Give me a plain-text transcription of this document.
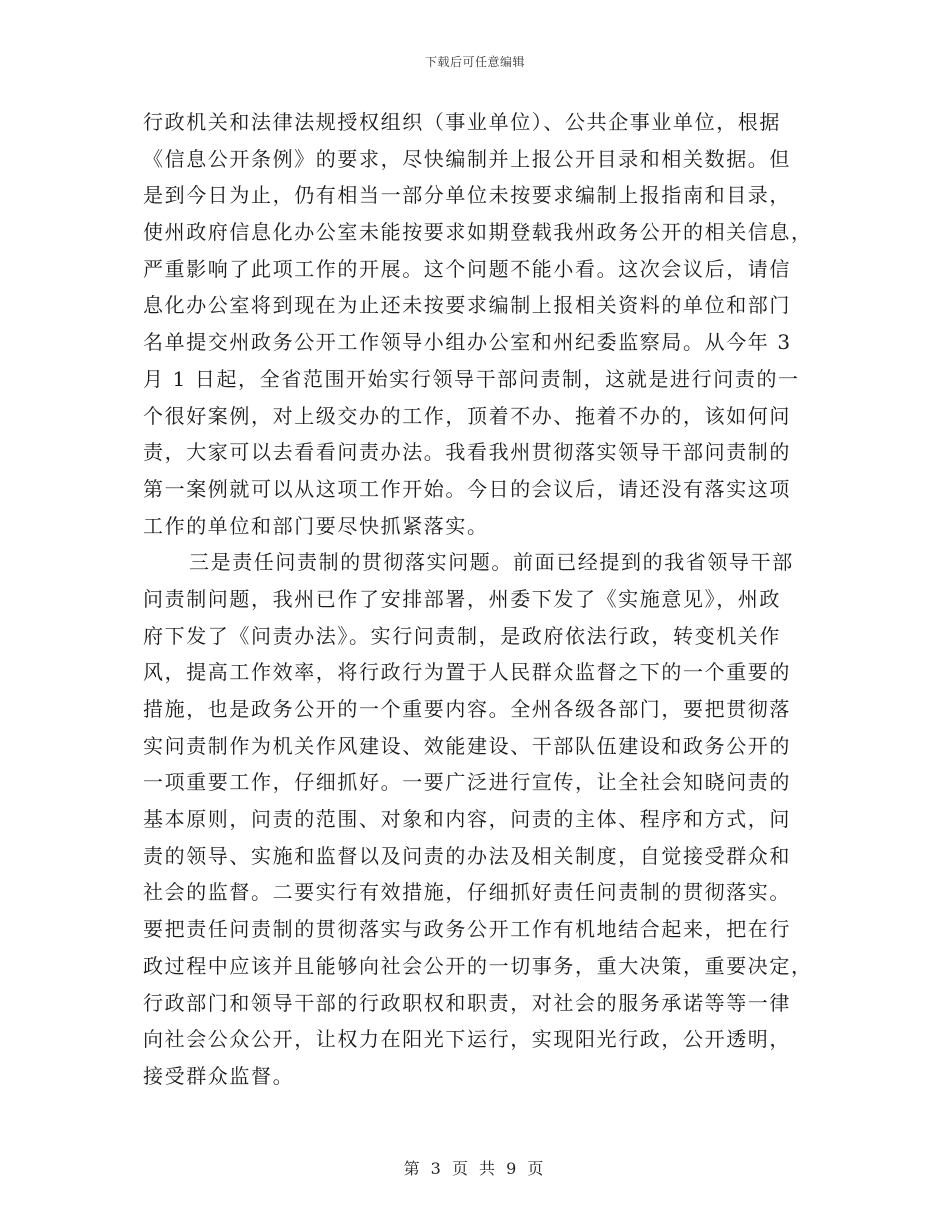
下载后可任意编辑
行政机关和法律法规授权组织（事业单位）、公共企事业单位，根据
《信息公开条例》的要求，尽快编制并上报公开目录和相关数据。但
是到今日为止，仍有相当一部分单位未按要求编制上报指南和目录，
使州政府信息化办公室未能按要求如期登载我州政务公开的相关信息，
严重影响了此项工作的开展。这个问题不能小看。这次会议后，请信
息化办公室将到现在为止还未按要求编制上报相关资料的单位和部门
名单提交州政务公开工作领导小组办公室和州纪委监察局。从今年 3
月 1 日起，全省范围开始实行领导干部问责制，这就是进行问责的一
个很好案例，对上级交办的工作，顶着不办、拖着不办的，该如何问
责，大家可以去看看问责办法。我看我州贯彻落实领导干部问责制的
第一案例就可以从这项工作开始。今日的会议后，请还没有落实这项
工作的单位和部门要尽快抓紧落实。
三是责任问责制的贯彻落实问题。前面已经提到的我省领导干部
问责制问题，我州已作了安排部署，州委下发了《实施意见》，州政
府下发了《问责办法》。实行问责制，是政府依法行政，转变机关作
风，提高工作效率，将行政行为置于人民群众监督之下的一个重要的
措施，也是政务公开的一个重要内容。全州各级各部门，要把贯彻落
实问责制作为机关作风建设、效能建设、干部队伍建设和政务公开的
一项重要工作，仔细抓好。一要广泛进行宣传，让全社会知晓问责的
基本原则，问责的范围、对象和内容，问责的主体、程序和方式，问
责的领导、实施和监督以及问责的办法及相关制度，自觉接受群众和
社会的监督。二要实行有效措施，仔细抓好责任问责制的贯彻落实。
要把责任问责制的贯彻落实与政务公开工作有机地结合起来，把在行
政过程中应该并且能够向社会公开的一切事务，重大决策，重要决定，
行政部门和领导干部的行政职权和职责，对社会的服务承诺等等一律
向社会公众公开，让权力在阳光下运行，实现阳光行政，公开透明，
接受群众监督。
第 3 页 共 9 页
